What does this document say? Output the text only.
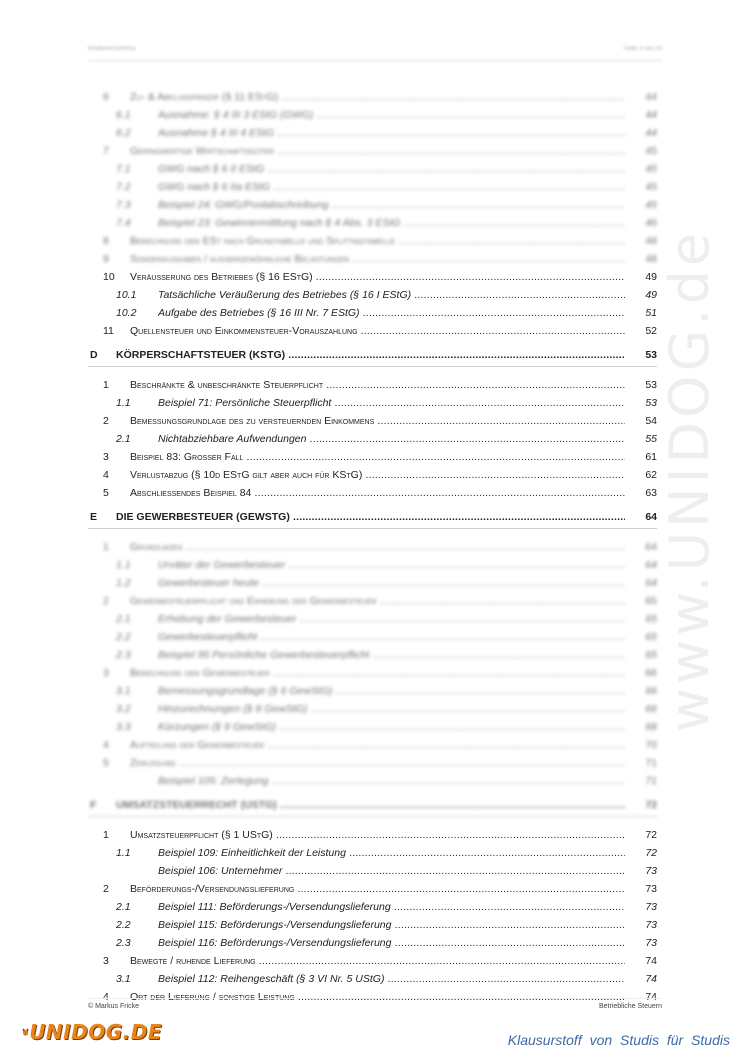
Inhaltsverzeichnis	Seite 3 von 33
www.UNIDOG.de
6 Zu- & Abflussprinzip (§ 11 EStG) .....	44
6.1	Ausnahme: § 4 III 3 EStG (GWG) .....	44
6.2	Ausnahme § 4 III 4 EStG .....	44
7 Geringwertige Wirtschaftsgüter .....	45
7.1	GWG nach § 6 II EStG .....	45
7.2	GWG nach § 6 IIa EStG .....	45
7.3	Beispiel 24: GWG/Poolabschreibung .....	45
7.4	Beispiel 23: Gewinnermittlung nach § 4 Abs. 3 EStG .....	46
8 Berechnung der ESt nach Grundtabelle und Splittingtabelle .....	48
9 Sonderausgaben / außergewöhnliche Belastungen .....	48
10 Veräußerung des Betriebes (§ 16 EStG) .....	49
10.1 Tatsächliche Veräußerung des Betriebes (§ 16 I EStG) .....	49
10.2 Aufgabe des Betriebes (§ 16 III Nr. 7 EStG) .....	51
11 Quellensteuer und Einkommensteuer-Vorauszahlung .....	52
D KÖRPERSCHAFTSTEUER (KSTG) .....	53
1 Beschränkte & unbeschränkte Steuerpflicht .....	53
1.1	Beispiel 71: Persönliche Steuerpflicht .....	53
2 Bemessungsgrundlage des zu versteuernden Einkommens .....	54
2.1	Nichtabziehbare Aufwendungen .....	55
3 Beispiel 83: Großer Fall .....	61
4 Verlustabzug (§ 10d EStG gilt aber auch für KStG) .....	62
5 Abschließendes Beispiel 84 .....	63
E DIE GEWERBESTEUER (GEWSTG) .....	64
1 Grundlagen .....	64
1.1	Urväter der Gewerbesteuer .....	64
1.2	Gewerbesteuer heute .....	64
2 Gewerbesteuerpflicht und Erhebung der Gewerbesteuer .....	65
2.1	Erhebung der Gewerbesteuer .....	65
2.2	Gewerbesteuerpflicht .....	65
2.3	Beispiel 95 Persönliche Gewerbesteuerpflicht .....	65
3 Berechnung der Gewerbesteuer .....	66
3.1	Bemessungsgrundlage (§ 6 GewStG) .....	66
3.2	Hinzurechnungen (§ 8 GewStG) .....	66
3.3	Kürzungen (§ 9 GewStG) .....	68
4 Aufteilung der Gewerbesteuer .....	70
5 Zerlegung .....	71
Beispiel 105: Zerlegung .....	71
F UMSATZSTEUERRECHT (USTG) .....	72
1 Umsatzsteuerpflicht (§ 1 UStG) .....	72
1.1	Beispiel 109: Einheitlichkeit der Leistung .....	72
Beispiel 106: Unternehmer .....	73
2 Beförderungs-/Versendungslieferung .....	73
2.1	Beispiel 111: Beförderungs-/Versendungslieferung .....	73
2.2	Beispiel 115: Beförderungs-/Versendungslieferung .....	73
2.3	Beispiel 116: Beförderungs-/Versendungslieferung .....	73
3 Bewegte / ruhende Lieferung .....	74
3.1	Beispiel 112: Reihengeschäft (§ 3 VI Nr. 5 UStG) .....	74
4 Ort der Lieferung / sonstige Leistung .....	74
© Markus Fricke	Betriebliche Steuern
UNIDOG.DE	Klausurstoff von Studis für Studis
